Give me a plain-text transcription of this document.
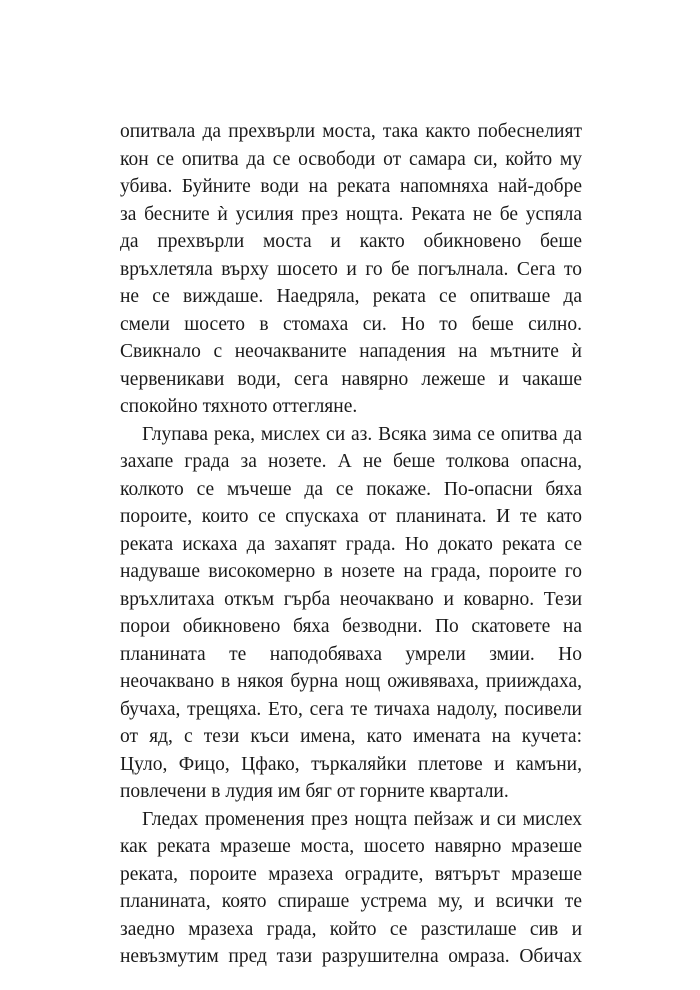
опитвала да прехвърли моста, така както побеснелият
кон се опитва да се освободи от самара си, който му
убива. Буйните води на реката напомняха най-добре
за бесните ѝ усилия през нощта. Реката не бе успяла
да прехвърли моста и както обикновено беше
връхлетяла върху шосето и го бе погълнала. Сега то
не се виждаше. Наедряла, реката се опитваше да
смели шосето в стомаха си. Но то беше силно.
Свикнало с неочакваните нападения на мътните ѝ
червеникави води, сега навярно лежеше и чакаше
спокойно тяхното оттегляне.

Глупава река, мислех си аз. Всяка зима се опитва да
захапе града за нозете. А не беше толкова опасна,
колкото се мъчеше да се покаже. По-опасни бяха
пороите, които се спускаха от планината. И те като
реката искаха да захапят града. Но докато реката се
надуваше високомерно в нозете на града, пороите го
връхлитаха откъм гърба неочаквано и коварно. Тези
порои обикновено бяха безводни. По скатовете на
планината те наподобяваха умрели змии. Но
неочаквано в някоя бурна нощ оживяваха, прииждаха,
бучаха, трещяха. Ето, сега те тичаха надолу, посивели
от яд, с тези къси имена, като имената на кучета:
Цуло, Фицо, Цфако, търкаляйки плетове и камъни,
повлечени в лудия им бяг от горните квартали.

Гледах променения през нощта пейзаж и си мислех
как реката мразеше моста, шосето навярно мразеше
реката, пороите мразеха оградите, вятърът мразеше
планината, която спираше устрема му, и всички те
заедно мразеха града, който се разстилаше сив и
невъзмутим пред тази разрушителна омраза. Обичах
